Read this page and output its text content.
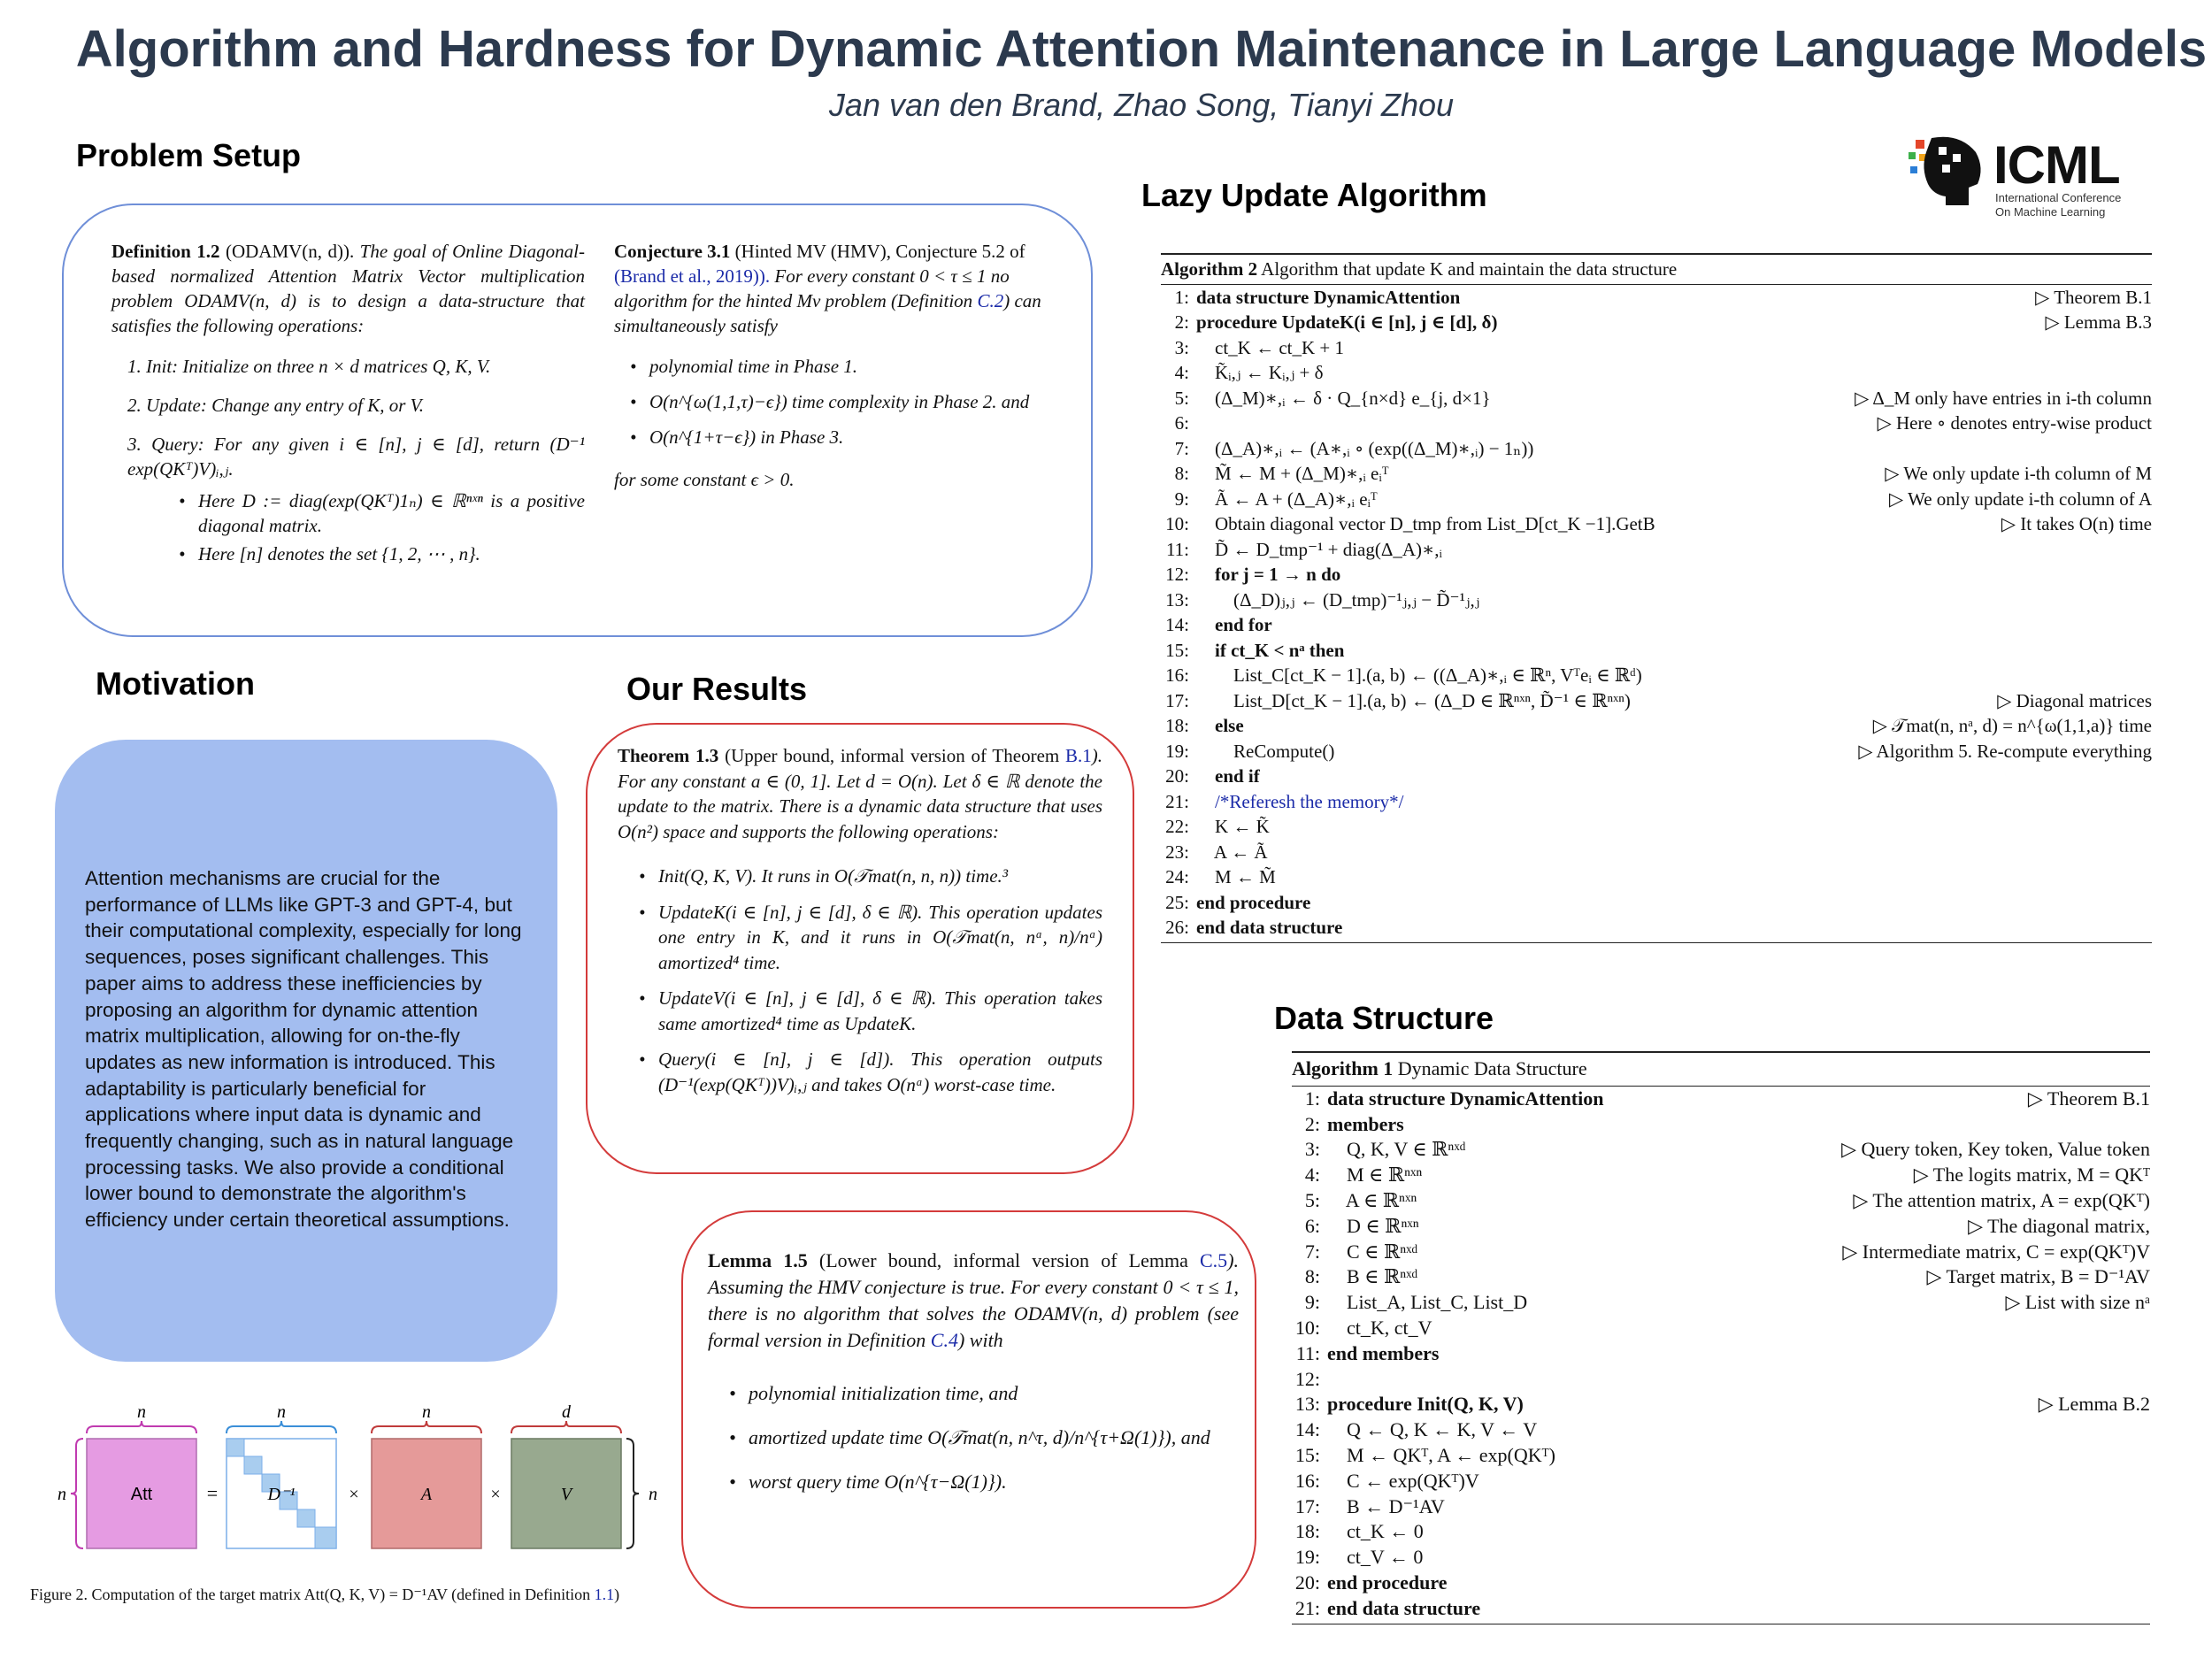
Algorithm and Hardness for Dynamic Attention Maintenance in Large Language Models
Jan van den Brand, Zhao Song, Tianyi Zhou
ICML
International Conference
On Machine Learning
Problem Setup
Lazy Update Algorithm
Motivation	Our Results
Data Structure

Definition 1.2 (ODAMV(n, d)). The goal of Online Diagonal-based normalized Attention Matrix Vector multiplication problem ODAMV(n, d) is to design a data-structure that satisfies the following operations:

1. Init: Initialize on three n × d matrices Q, K, V.
2. Update: Change any entry of K, or V.
3. Query: For any given i ∈ [n], j ∈ [d], return (D⁻¹ exp(QKᵀ)V)ᵢ,ⱼ.
• Here D := diag(exp(QKᵀ)1ₙ) ∈ ℝⁿˣⁿ is a positive diagonal matrix.
• Here [n] denotes the set {1, 2, ⋯ , n}.

Conjecture 3.1 (Hinted MV (HMV), Conjecture 5.2 of (Brand et al., 2019)). For every constant 0 < τ ≤ 1 no algorithm for the hinted Mv problem (Definition C.2) can simultaneously satisfy

• polynomial time in Phase 1.
• O(n^{ω(1,1,τ)−ϵ}) time complexity in Phase 2. and
• O(n^{1+τ−ϵ}) in Phase 3.
for some constant ϵ > 0.
Attention mechanisms are crucial for the performance of LLMs like GPT-3 and GPT-4, but their computational complexity, especially for long sequences, poses significant challenges. This paper aims to address these inefficiencies by proposing an algorithm for dynamic attention matrix multiplication, allowing for on-the-fly updates as new information is introduced. This adaptability is particularly beneficial for applications where input data is dynamic and frequently changing, such as in natural language processing tasks. We also provide a conditional lower bound to demonstrate the algorithm's efficiency under certain theoretical assumptions.

Theorem 1.3 (Upper bound, informal version of Theorem B.1). For any constant a ∈ (0, 1]. Let d = O(n). Let δ ∈ ℝ denote the update to the matrix. There is a dynamic data structure that uses O(n²) space and supports the following operations:

• Init(Q, K, V). It runs in O(𝒯mat(n, n, n)) time.³
• UpdateK(i ∈ [n], j ∈ [d], δ ∈ ℝ). This operation updates one entry in K, and it runs in O(𝒯mat(n, nᵃ, n)/nᵃ) amortized⁴ time.
• UpdateV(i ∈ [n], j ∈ [d], δ ∈ ℝ). This operation takes same amortized⁴ time as UpdateK.
• Query(i ∈ [n], j ∈ [d]). This operation outputs (D⁻¹(exp(QKᵀ))V)ᵢ,ⱼ and takes O(nᵃ) worst-case time.

Lemma 1.5 (Lower bound, informal version of Lemma C.5). Assuming the HMV conjecture is true. For every constant 0 < τ ≤ 1, there is no algorithm that solves the ODAMV(n, d) problem (see formal version in Definition C.4) with

• polynomial initialization time, and
• amortized update time O(𝒯mat(n, n^τ, d)/n^{τ+Ω(1)}), and
• worst query time O(n^{τ−Ω(1)}).
n	n	n	d
n	Att	=	D⁻¹	×	A	×	V	n
Figure 2. Computation of the target matrix Att(Q, K, V) = D⁻¹AV (defined in Definition 1.1)
Algorithm 2 Algorithm that update K and maintain the data structure
1: data structure DynamicAttention	▷ Theorem B.1
2: procedure UpdateK(i ∈ [n], j ∈ [d], δ)	▷ Lemma B.3
3: ct_K ← ct_K + 1
4: K̃ᵢ,ⱼ ← Kᵢ,ⱼ + δ
5: (Δ_M)∗,ᵢ ← δ · Q_{n×d} e_{j, d×1}	▷ Δ_M only have entries in i-th column
6:	▷ Here ∘ denotes entry-wise product
7: (Δ_A)∗,ᵢ ← (A∗,ᵢ ∘ (exp((Δ_M)∗,ᵢ) − 1ₙ))
8: M̃ ← M + (Δ_M)∗,ᵢ eᵢᵀ	▷ We only update i-th column of M
9: Ã ← A + (Δ_A)∗,ᵢ eᵢᵀ	▷ We only update i-th column of A
10: Obtain diagonal vector D_tmp from List_D[ct_K −1].GetB	▷ It takes O(n) time
11: D̃ ← D_tmp⁻¹ + diag(Δ_A)∗,ᵢ
12: for j = 1 → n do
13: (Δ_D)ⱼ,ⱼ ← (D_tmp)⁻¹ⱼ,ⱼ − D̃⁻¹ⱼ,ⱼ
14: end for
15: if ct_K < nᵃ then
16: List_C[ct_K − 1].(a, b) ← ((Δ_A)∗,ᵢ ∈ ℝⁿ, Vᵀeᵢ ∈ ℝᵈ)
17: List_D[ct_K − 1].(a, b) ← (Δ_D ∈ ℝⁿˣⁿ, D̃⁻¹ ∈ ℝⁿˣⁿ)	▷ Diagonal matrices
18: else	▷ 𝒯mat(n, nᵃ, d) = n^{ω(1,1,a)} time
19: ReCompute()	▷ Algorithm 5. Re-compute everything
20: end if
21: /*Referesh the memory*/
22: K ← K̃
23: A ← Ã
24: M ← M̃
25: end procedure
26: end data structure
Algorithm 1 Dynamic Data Structure
1: data structure DynamicAttention	▷ Theorem B.1
2: members
3: Q, K, V ∈ ℝⁿˣᵈ	▷ Query token, Key token, Value token
4: M ∈ ℝⁿˣⁿ	▷ The logits matrix, M = QKᵀ
5: A ∈ ℝⁿˣⁿ	▷ The attention matrix, A = exp(QKᵀ)
6: D ∈ ℝⁿˣⁿ	▷ The diagonal matrix,
7: C ∈ ℝⁿˣᵈ	▷ Intermediate matrix, C = exp(QKᵀ)V
8: B ∈ ℝⁿˣᵈ	▷ Target matrix, B = D⁻¹AV
9: List_A, List_C, List_D	▷ List with size nᵃ
10: ct_K, ct_V
11: end members
12:
13: procedure Init(Q, K, V)	▷ Lemma B.2
14: Q ← Q, K ← K, V ← V
15: M ← QKᵀ, A ← exp(QKᵀ)
16: C ← exp(QKᵀ)V
17: B ← D⁻¹AV
18: ct_K ← 0
19: ct_V ← 0
20: end procedure
21: end data structure
